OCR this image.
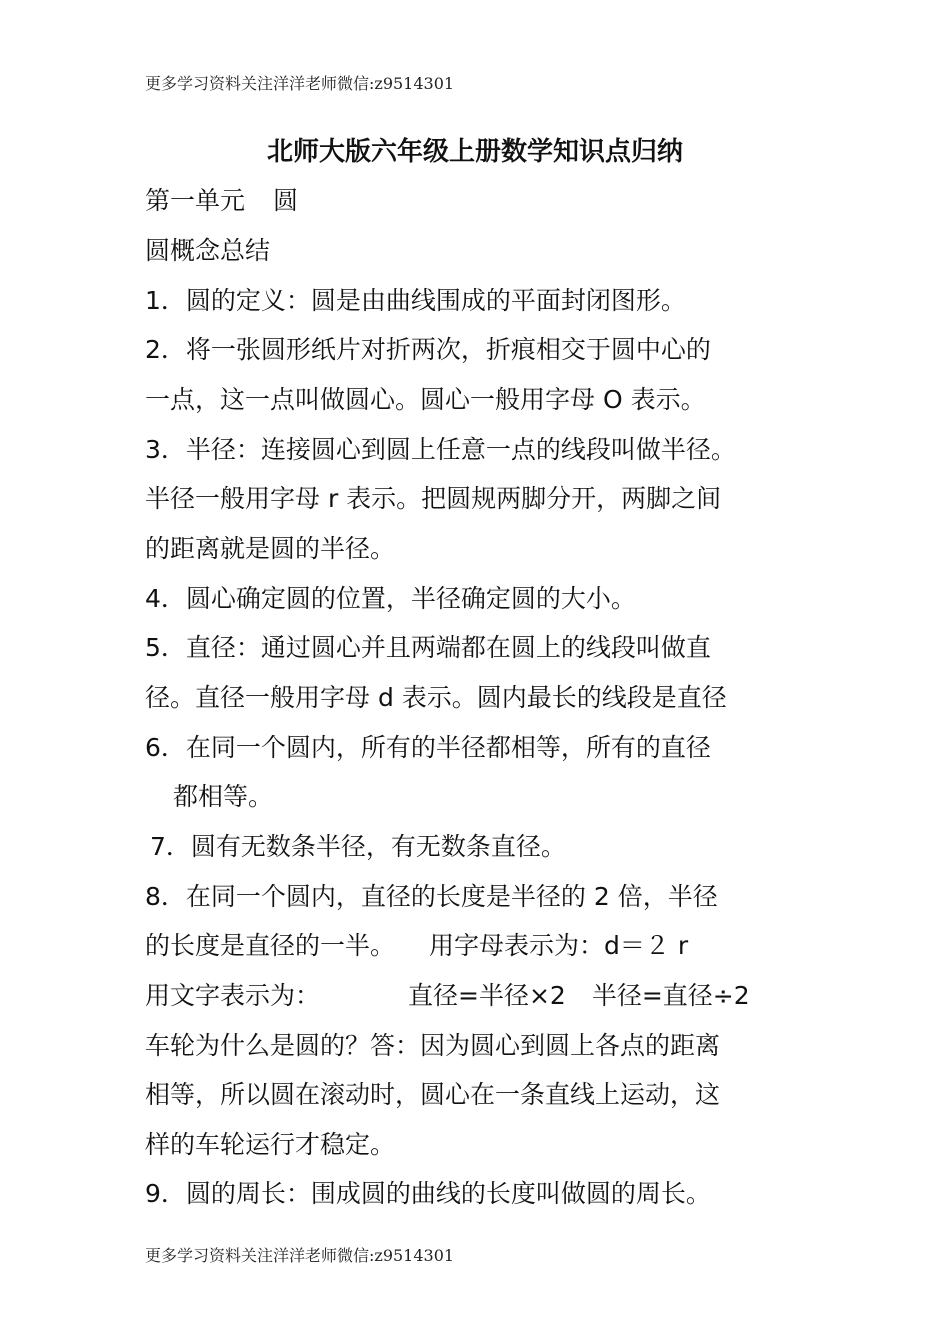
更多学习资料关注洋洋老师微信:z9514301
北师大版六年级上册数学知识点归纳
第一单元 圆
圆概念总结
1．圆的定义：圆是由曲线围成的平面封闭图形。
2．将一张圆形纸片对折两次，折痕相交于圆中心的
一点，这一点叫做圆心。圆心一般用字母 O 表示。
3．半径：连接圆心到圆上任意一点的线段叫做半径。
半径一般用字母 r 表示。把圆规两脚分开，两脚之间
的距离就是圆的半径。
4．圆心确定圆的位置，半径确定圆的大小。
5．直径：通过圆心并且两端都在圆上的线段叫做直
径。直径一般用字母 d 表示。圆内最长的线段是直径
6．在同一个圆内，所有的半径都相等，所有的直径
都相等。
7．圆有无数条半径，有无数条直径。
8．在同一个圆内，直径的长度是半径的 2 倍，半径
的长度是直径的一半。 用字母表示为：d＝２ r
用文字表示为：	直径=半径×2 半径=直径÷2
车轮为什么是圆的？答：因为圆心到圆上各点的距离
相等，所以圆在滚动时，圆心在一条直线上运动，这
样的车轮运行才稳定。
9．圆的周长：围成圆的曲线的长度叫做圆的周长。
更多学习资料关注洋洋老师微信:z9514301
